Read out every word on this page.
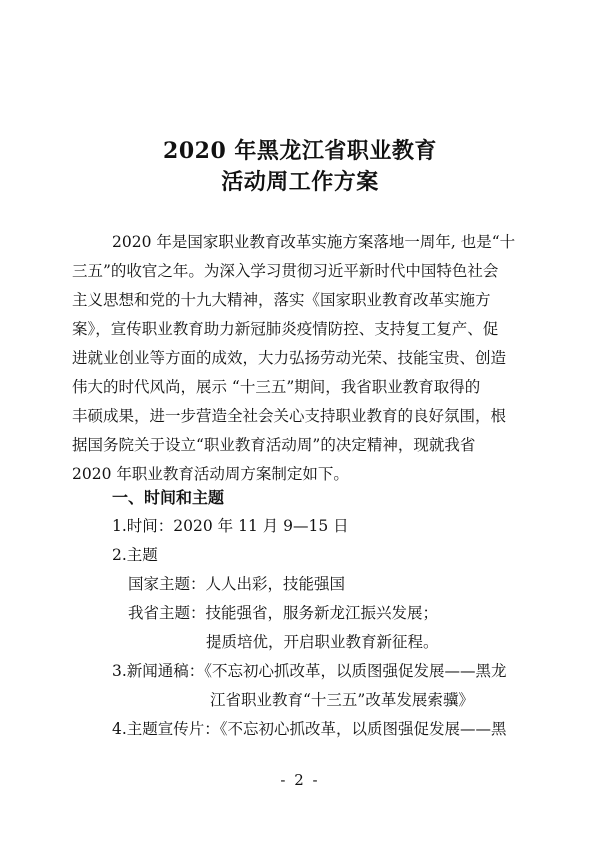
2020 年黑龙江省职业教育
活动周工作方案
2020 年是国家职业教育改革实施方案落地一周年, 也是“十
三五”的收官之年。为深入学习贯彻习近平新时代中国特色社会
主义思想和党的十九大精神，落实《国家职业教育改革实施方
案》，宣传职业教育助力新冠肺炎疫情防控、支持复工复产、促
进就业创业等方面的成效，大力弘扬劳动光荣、技能宝贵、创造
伟大的时代风尚，展示 “十三五”期间，我省职业教育取得的
丰硕成果，进一步营造全社会关心支持职业教育的良好氛围，根
据国务院关于设立“职业教育活动周”的决定精神，现就我省
2020 年职业教育活动周方案制定如下。
一、时间和主题
1.时间：2020 年 11 月 9—15 日
2.主题
国家主题：人人出彩，技能强国
我省主题：技能强省，服务新龙江振兴发展；
提质培优，开启职业教育新征程。
3.新闻通稿：《不忘初心抓改革，以质图强促发展——黑龙
江省职业教育“十三五”改革发展索骥》
4.主题宣传片：《不忘初心抓改革，以质图强促发展——黑
- 2 -
